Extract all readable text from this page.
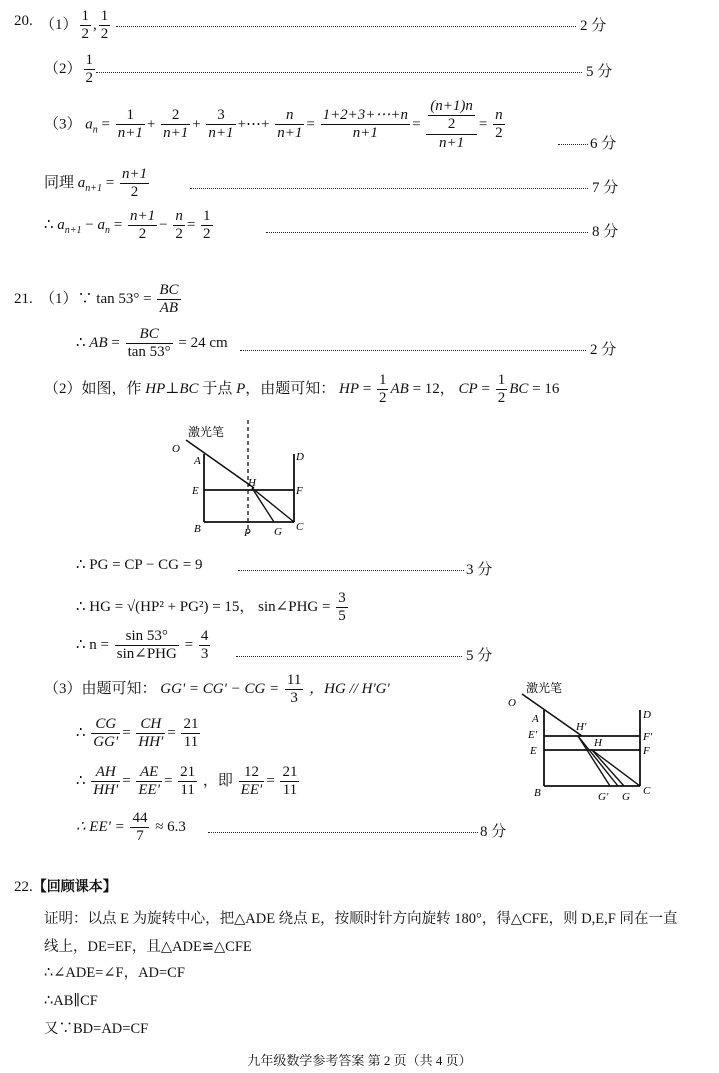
20. $(1) \frac{1}{2}$ , $\frac{1}{2}$	2 分
$(2) \frac{1}{2}$	5 分
（3） $a_n = \frac{1}{n+1} + \frac{2}{n+1} + \frac{3}{n+1}$ +⋯+ $\frac{n}{n+1} = \frac{1+2+3+\cdots+n}{n+1} = \frac{\frac{(n+1)n}{2}}{n+1} = \frac{n}{2}$
6 分
同理 $a_{n+1} = \frac{n+1}{2}$	7 分
∴ $a_{n+1} - a_n = \frac{n+1}{2} - \frac{n}{2} = \frac{1}{2}$	8 分
21. （1）∵ $\tan 53^\circ = \frac{BC}{AB}$
∴ AB = $\frac{BC}{\tan 53^\circ} = 24$ cm	2 分
（2）如图，作 HP⊥BC 于点 P，由题可知： HP = $\frac{1}{2}$ AB = 12， CP = $\frac{1}{2}$ BC = 16
激光笔
O
A
E
B	P G C
F
D
H
∴ PG = CP − CG = 9	3 分
∴ HG = √(HP² + PG²) = 15， sin∠PHG = $\frac{3}{5}$
∴ $n = \frac{\sin 53^\circ}{\text{sin∠PHG}} = \frac{4}{3}$	5 分
（3）由题可知： GG' = CG' − CG = $\frac{11}{3}$ ，HG // H'G'
∴ $\frac{CG}{GG'} = \frac{CH}{HH'} = \frac{21}{11}$
∴ $\frac{AH}{HH'} = \frac{AE}{EE'} = \frac{21}{11}$ ，即 $\frac{12}{EE'} = \frac{21}{11}$
∴ $EE' = \frac{44}{7} \approx 6.3$	8 分
激光笔
O
A
E'
E
B
H'
H
G' G C
D
F'
F
22.【回顾课本】
证明：以点 E 为旋转中心，把△ADE 绕点 E，按顺时针方向旋转 180°，得△CFE，则 D,E,F 同在一直
线上，DE=EF，且△ADE≌△CFE
∴∠ADE=∠F，AD=CF
∴AB∥CF
又∵BD=AD=CF
九年级数学参考答案 第 2 页（共 4 页）
